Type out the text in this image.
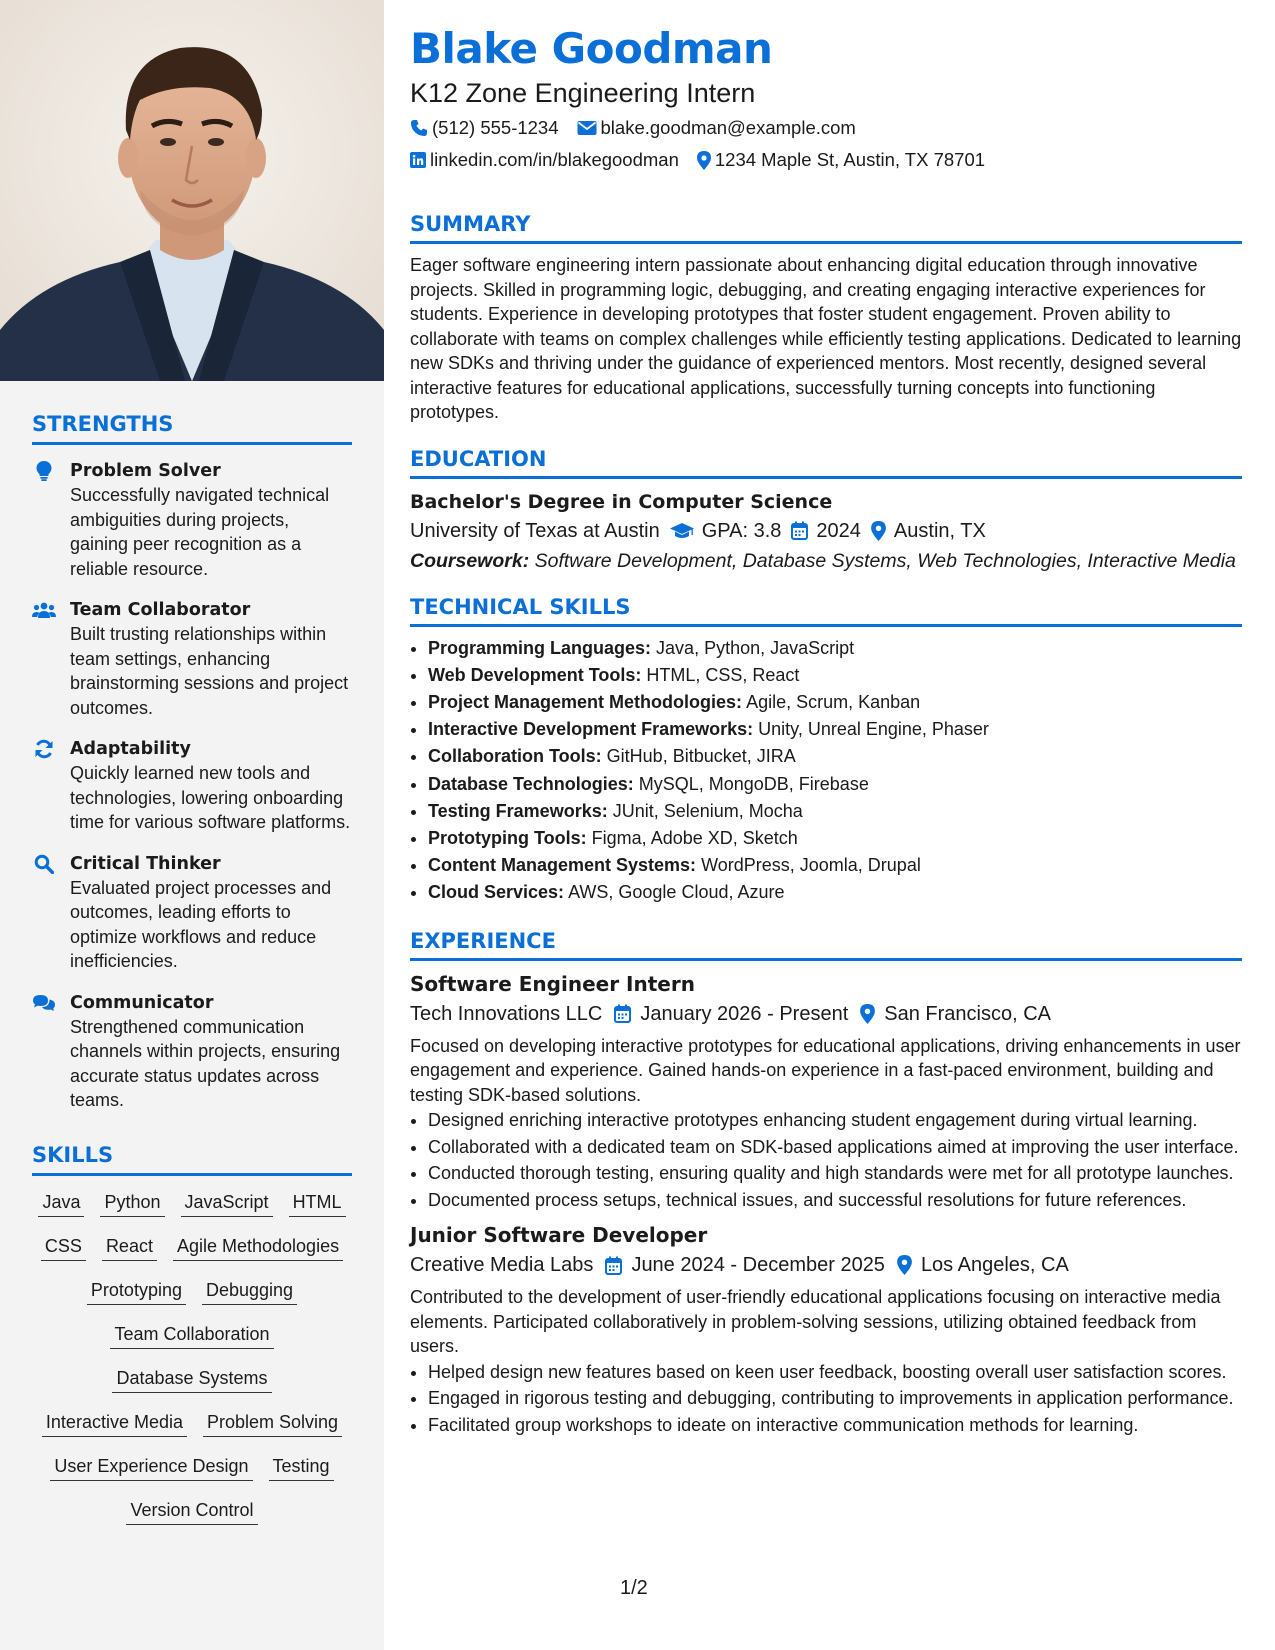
STRENGTHS
Problem Solver
Successfully navigated technical ambiguities during projects, gaining peer recognition as a reliable resource.
Team Collaborator
Built trusting relationships within team settings, enhancing brainstorming sessions and project outcomes.
Adaptability
Quickly learned new tools and technologies, lowering onboarding time for various software platforms.
Critical Thinker
Evaluated project processes and outcomes, leading efforts to optimize workflows and reduce inefficiencies.
Communicator
Strengthened communication channels within projects, ensuring accurate status updates across teams.
SKILLS
Java Python JavaScript HTML
CSS React Agile Methodologies
Prototyping Debugging
Team Collaboration
Database Systems
Interactive Media Problem Solving
User Experience Design Testing
Version Control
Blake Goodman
K12 Zone Engineering Intern
(512) 555-1234 blake.goodman@example.com
linkedin.com/in/blakegoodman 1234 Maple St, Austin, TX 78701
SUMMARY
Eager software engineering intern passionate about enhancing digital education through innovative projects. Skilled in programming logic, debugging, and creating engaging interactive experiences for students. Experience in developing prototypes that foster student engagement. Proven ability to collaborate with teams on complex challenges while efficiently testing applications. Dedicated to learning new SDKs and thriving under the guidance of experienced mentors. Most recently, designed several interactive features for educational applications, successfully turning concepts into functioning prototypes.
EDUCATION
Bachelor's Degree in Computer Science
University of Texas at Austin GPA: 3.8 2024 Austin, TX
Coursework: Software Development, Database Systems, Web Technologies, Interactive Media
TECHNICAL SKILLS
• Programming Languages: Java, Python, JavaScript
• Web Development Tools: HTML, CSS, React
• Project Management Methodologies: Agile, Scrum, Kanban
• Interactive Development Frameworks: Unity, Unreal Engine, Phaser
• Collaboration Tools: GitHub, Bitbucket, JIRA
• Database Technologies: MySQL, MongoDB, Firebase
• Testing Frameworks: JUnit, Selenium, Mocha
• Prototyping Tools: Figma, Adobe XD, Sketch
• Content Management Systems: WordPress, Joomla, Drupal
• Cloud Services: AWS, Google Cloud, Azure
EXPERIENCE
Software Engineer Intern
Tech Innovations LLC January 2026 - Present San Francisco, CA
Focused on developing interactive prototypes for educational applications, driving enhancements in user engagement and experience. Gained hands-on experience in a fast-paced environment, building and testing SDK-based solutions.
• Designed enriching interactive prototypes enhancing student engagement during virtual learning.
• Collaborated with a dedicated team on SDK-based applications aimed at improving the user interface.
• Conducted thorough testing, ensuring quality and high standards were met for all prototype launches.
• Documented process setups, technical issues, and successful resolutions for future references.
Junior Software Developer
Creative Media Labs June 2024 - December 2025 Los Angeles, CA
Contributed to the development of user-friendly educational applications focusing on interactive media elements. Participated collaboratively in problem-solving sessions, utilizing obtained feedback from users.
• Helped design new features based on keen user feedback, boosting overall user satisfaction scores.
• Engaged in rigorous testing and debugging, contributing to improvements in application performance.
• Facilitated group workshops to ideate on interactive communication methods for learning.
1/2
